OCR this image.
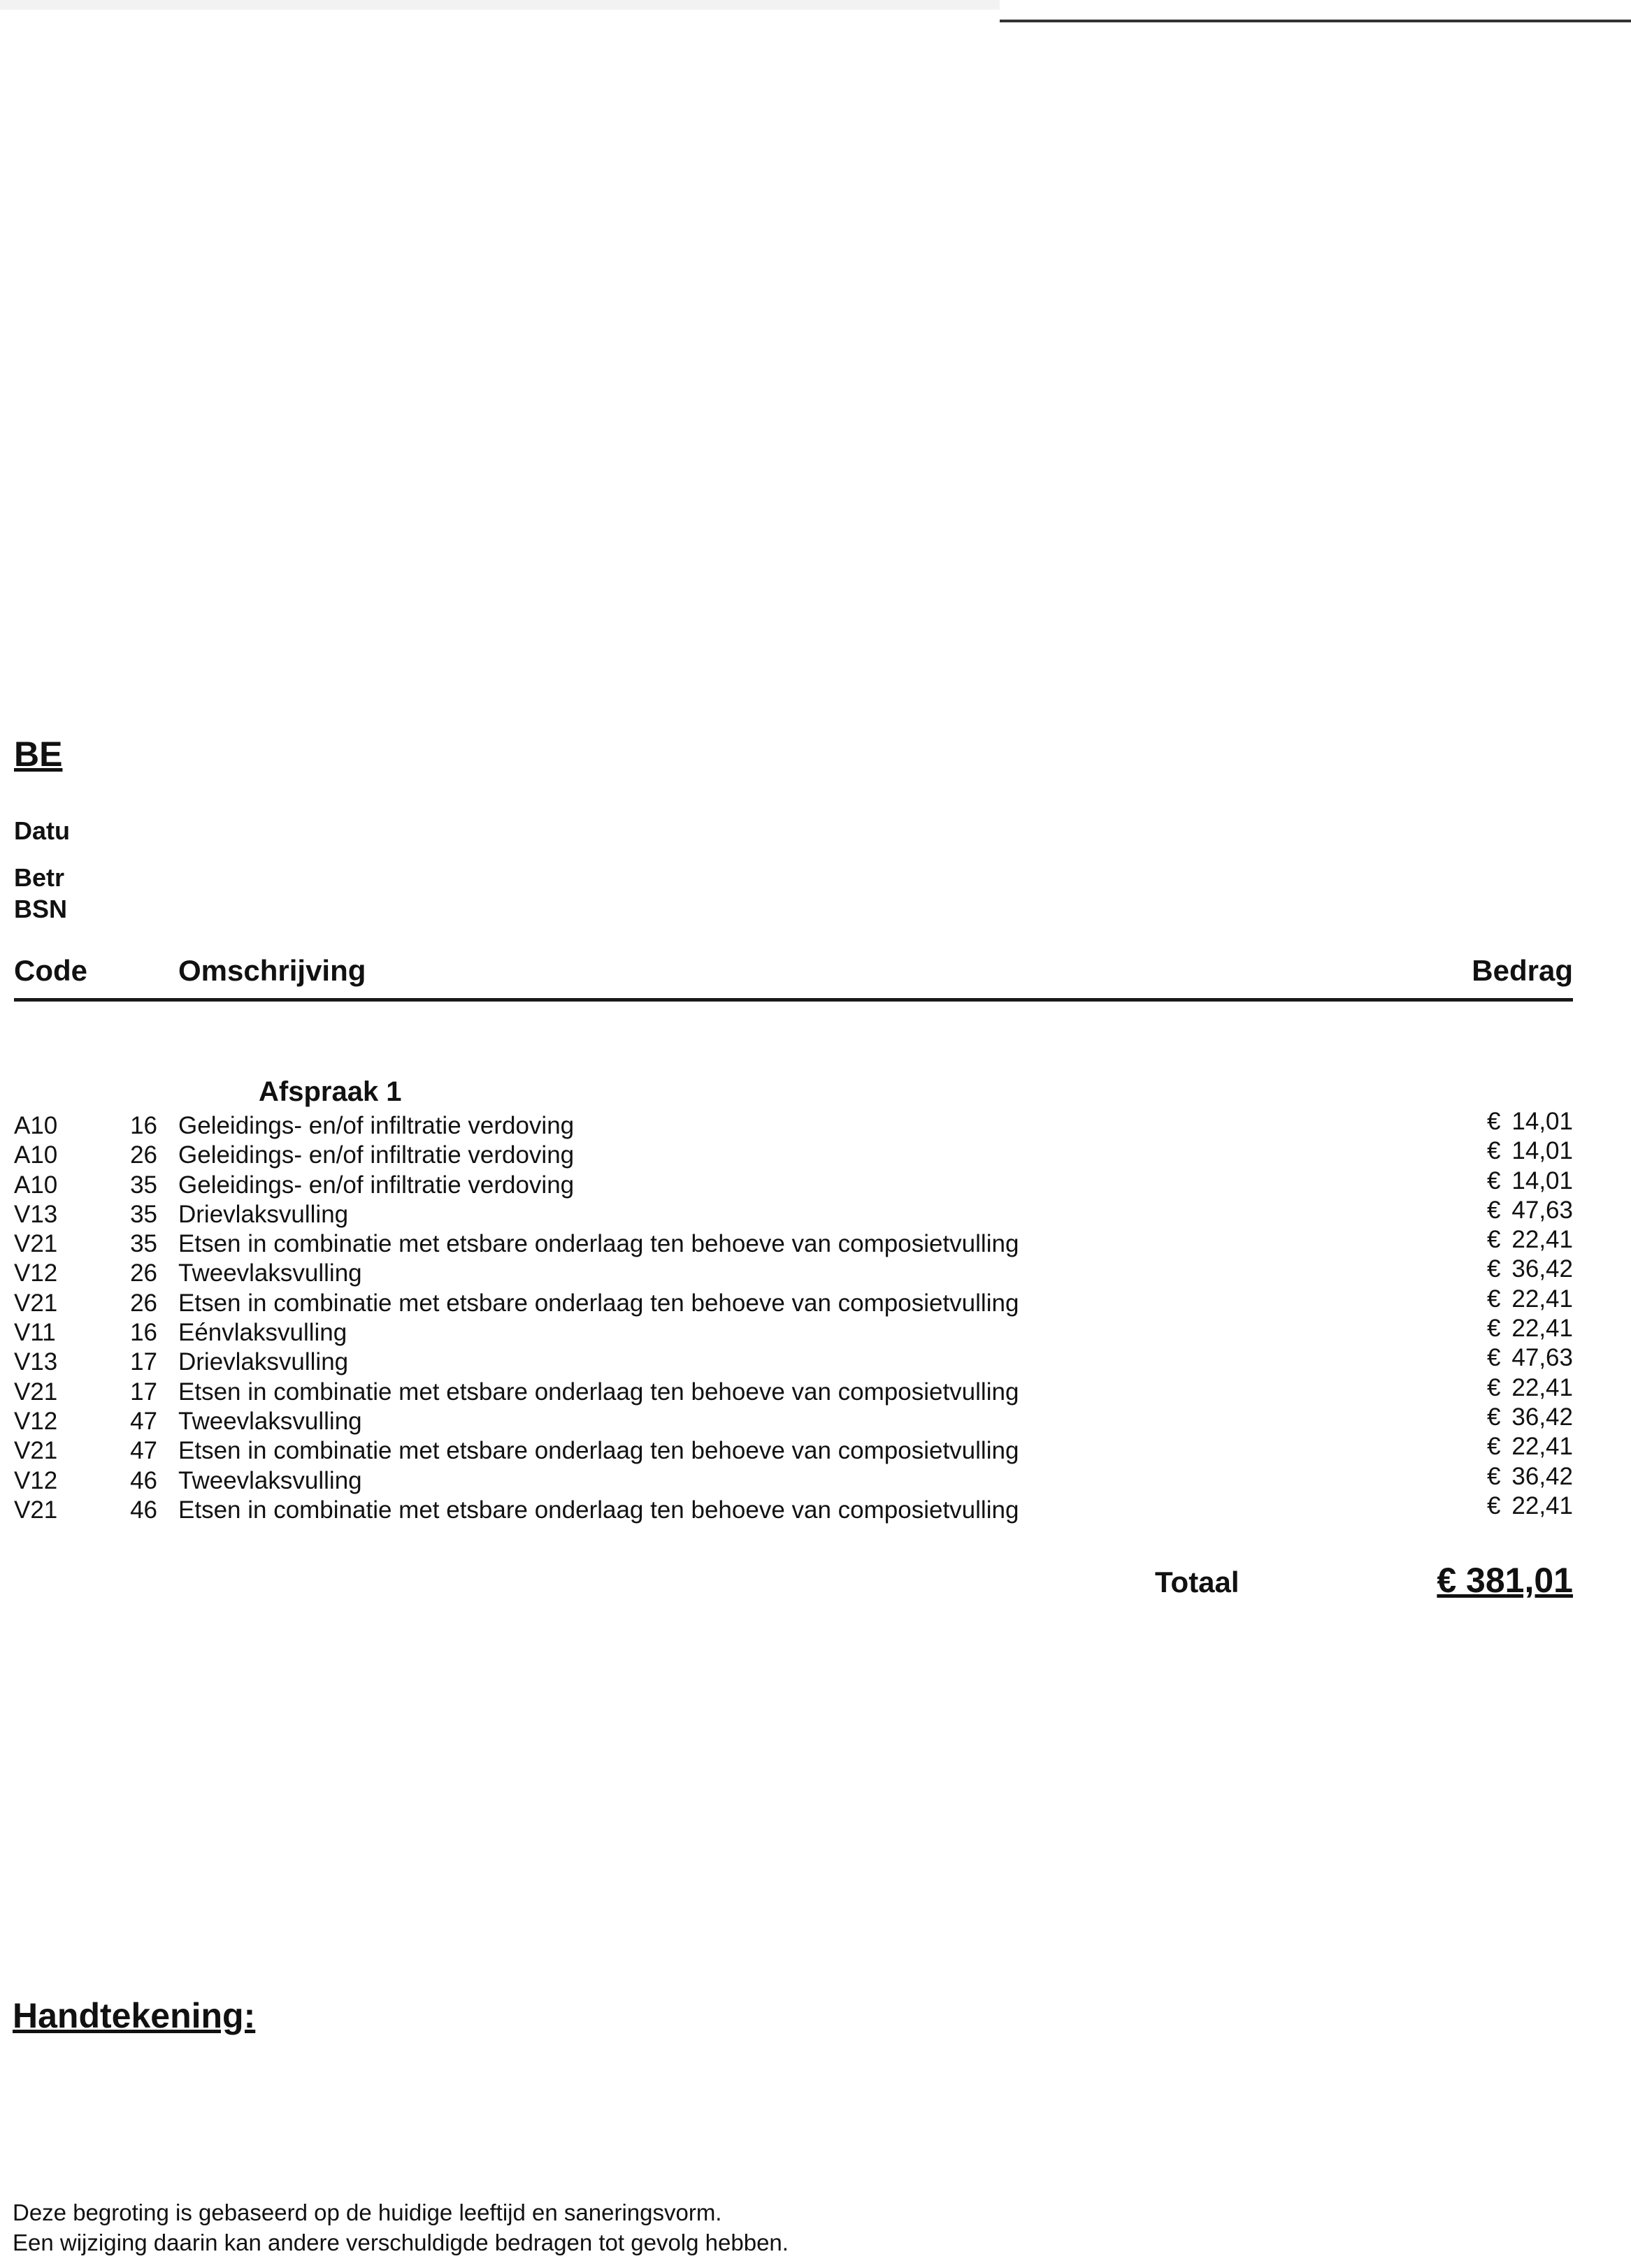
BE
Datu
Betr
BSN
Code	Omschrijving	Bedrag
Afspraak 1
A10	16 Geleidings- en/of infiltratie verdoving	€ 14,01
A10	26 Geleidings- en/of infiltratie verdoving	€ 14,01
A10	35 Geleidings- en/of infiltratie verdoving	€ 14,01
V13	35 Drievlaksvulling	€ 47,63
V21	35 Etsen in combinatie met etsbare onderlaag ten behoeve van composietvulling	€ 22,41
V12	26 Tweevlaksvulling	€ 36,42
V21	26 Etsen in combinatie met etsbare onderlaag ten behoeve van composietvulling	€ 22,41
V11	16 Eénvlaksvulling	€ 22,41
V13	17 Drievlaksvulling	€ 47,63
V21	17 Etsen in combinatie met etsbare onderlaag ten behoeve van composietvulling	€ 22,41
V12	47 Tweevlaksvulling	€ 36,42
V21	47 Etsen in combinatie met etsbare onderlaag ten behoeve van composietvulling	€ 22,41
V12	46 Tweevlaksvulling	€ 36,42
V21	46 Etsen in combinatie met etsbare onderlaag ten behoeve van composietvulling	€ 22,41
Totaal	€ 381,01
Handtekening:
Deze begroting is gebaseerd op de huidige leeftijd en saneringsvorm.
Een wijziging daarin kan andere verschuldigde bedragen tot gevolg hebben.
